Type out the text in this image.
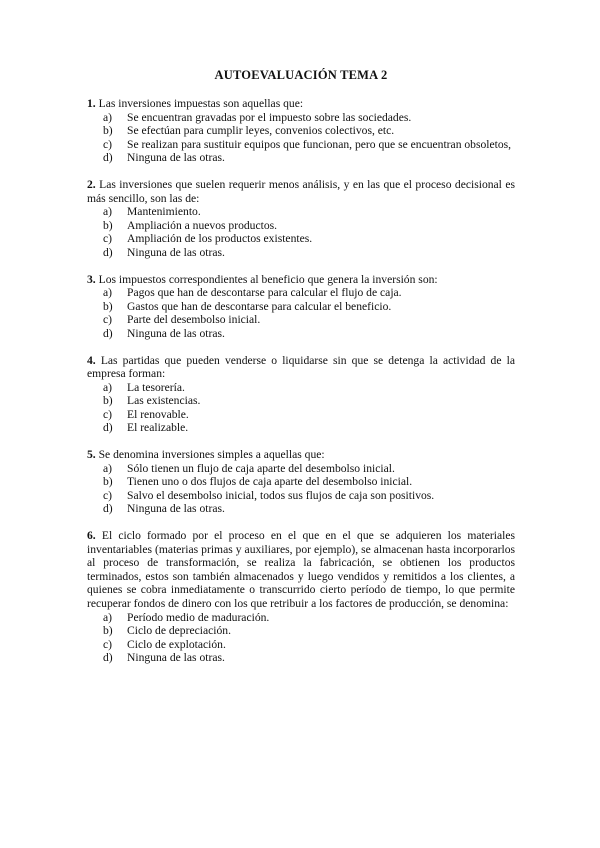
AUTOEVALUACIÓN TEMA 2

1. Las inversiones impuestas son aquellas que:

a)	Se encuentran gravadas por el impuesto sobre las sociedades.
b)	Se efectúan para cumplir leyes, convenios colectivos, etc.
c)	Se realizan para sustituir equipos que funcionan, pero que se encuentran obsoletos,
d)	Ninguna de las otras.

2. Las inversiones que suelen requerir menos análisis, y en las que el proceso decisional es más sencillo, son las de:

a)	Mantenimiento.
b)	Ampliación a nuevos productos.
c)	Ampliación de los productos existentes.
d)	Ninguna de las otras.

3. Los impuestos correspondientes al beneficio que genera la inversión son:

a)	Pagos que han de descontarse para calcular el flujo de caja.
b)	Gastos que han de descontarse para calcular el beneficio.
c)	Parte del desembolso inicial.
d)	Ninguna de las otras.

4. Las partidas que pueden venderse o liquidarse sin que se detenga la actividad de la empresa forman:

a)	La tesorería.
b)	Las existencias.
c)	El renovable.
d)	El realizable.

5. Se denomina inversiones simples a aquellas que:

a)	Sólo tienen un flujo de caja aparte del desembolso inicial.
b)	Tienen uno o dos flujos de caja aparte del desembolso inicial.
c)	Salvo el desembolso inicial, todos sus flujos de caja son positivos.
d)	Ninguna de las otras.

6. El ciclo formado por el proceso en el que en el que se adquieren los materiales inventariables (materias primas y auxiliares, por ejemplo), se almacenan hasta incorporarlos al proceso de transformación, se realiza la fabricación, se obtienen los productos terminados, estos son también almacenados y luego vendidos y remitidos a los clientes, a quienes se cobra inmediatamente o transcurrido cierto período de tiempo, lo que permite recuperar fondos de dinero con los que retribuir a los factores de producción, se denomina:

a)	Período medio de maduración.
b)	Ciclo de depreciación.
c)	Ciclo de explotación.
d)	Ninguna de las otras.
